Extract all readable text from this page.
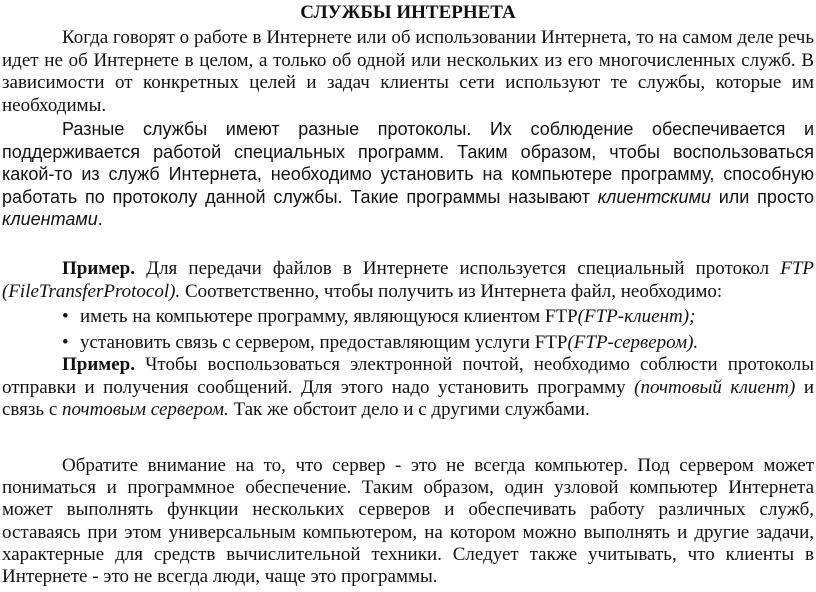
СЛУЖБЫ ИНТЕРНЕТА

Когда говорят о работе в Интернете или об использовании Интернета, то на самом деле речь идет не об Интернете в целом, а только об одной или нескольких из его многочисленных служб. В зависимости от конкретных целей и задач клиенты сети используют те службы, которые им необходимы.

Разные службы имеют разные протоколы. Их соблюдение обеспечивается и поддерживается работой специальных программ. Таким образом, чтобы воспользоваться какой-то из служб Интернета, необходимо установить на компьютере программу, способную работать по протоколу данной службы. Такие программы называют клиентскими или просто клиентами.

Пример. Для передачи файлов в Интернете используется специальный протокол FTP (FileTransferProtocol). Соответственно, чтобы получить из Интернета файл, необходимо:

• иметь на компьютере программу, являющуюся клиентом FTP(FTP-клиент);

• установить связь с сервером, предоставляющим услуги FTP(FTP-сервером).

Пример. Чтобы воспользоваться электронной почтой, необходимо соблюсти протоколы отправки и получения сообщений. Для этого надо установить программу (почтовый клиент) и связь с почтовым сервером. Так же обстоит дело и с другими службами.

Обратите внимание на то, что сервер - это не всегда компьютер. Под сервером может пониматься и программное обеспечение. Таким образом, один узловой компьютер Интернета может выполнять функции нескольких серверов и обеспечивать работу различных служб, оставаясь при этом универсальным компьютером, на котором можно выполнять и другие задачи, характерные для средств вычислительной техники. Следует также учитывать, что клиенты в Интернете - это не всегда люди, чаще это программы.
